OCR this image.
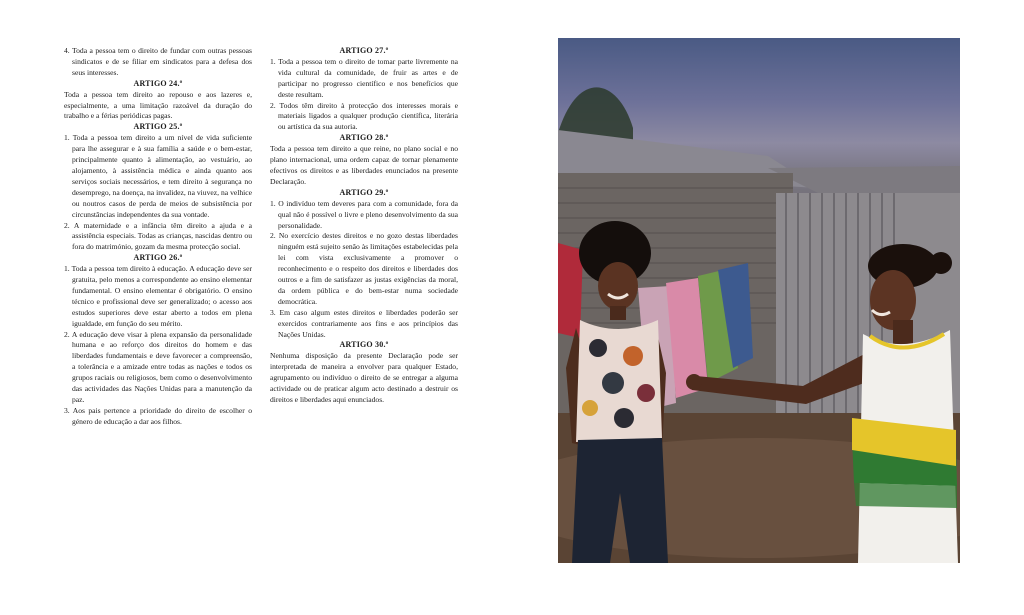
4. Toda a pessoa tem o direito de fundar com outras pessoas sindicatos e de se filiar em sindicatos para a defesa dos seus interesses.

ARTIGO 24.º

Toda a pessoa tem direito ao repouso e aos lazeres e, especialmente, a uma limitação razoável da duração do trabalho e a férias periódicas pagas.

ARTIGO 25.º

1. Toda a pessoa tem direito a um nível de vida suficiente para lhe assegurar e à sua família a saúde e o bem-estar, principalmente quanto à alimentação, ao vestuário, ao alojamento, à assistência médica e ainda quanto aos serviços sociais necessários, e tem direito à segurança no desemprego, na doença, na invalidez, na viuvez, na velhice ou noutros casos de perda de meios de subsistência por circunstâncias independentes da sua vontade.

2. A maternidade e a infância têm direito a ajuda e a assistência especiais. Todas as crianças, nascidas dentro ou fora do matrimónio, gozam da mesma protecção social.

ARTIGO 26.º

1. Toda a pessoa tem direito à educação. A educação deve ser gratuita, pelo menos a correspondente ao ensino elementar fundamental. O ensino elementar é obrigatório. O ensino técnico e profissional deve ser generalizado; o acesso aos estudos superiores deve estar aberto a todos em plena igualdade, em função do seu mérito.

2. A educação deve visar à plena expansão da personalidade humana e ao reforço dos direitos do homem e das liberdades fundamentais e deve favorecer a compreensão, a tolerância e a amizade entre todas as nações e todos os grupos raciais ou religiosos, bem como o desenvolvimento das actividades das Nações Unidas para a manutenção da paz.

3. Aos pais pertence a prioridade do direito de escolher o género de educação a dar aos filhos.

ARTIGO 27.º

1. Toda a pessoa tem o direito de tomar parte livremente na vida cultural da comunidade, de fruir as artes e de participar no progresso científico e nos benefícios que deste resultam.

2. Todos têm direito à protecção dos interesses morais e materiais ligados a qualquer produção científica, literária ou artística da sua autoria.

ARTIGO 28.º

Toda a pessoa tem direito a que reine, no plano social e no plano internacional, uma ordem capaz de tornar plenamente efectivos os direitos e as liberdades enunciados na presente Declaração.

ARTIGO 29.º

1. O indivíduo tem deveres para com a comunidade, fora da qual não é possível o livre e pleno desenvolvimento da sua personalidade.

2. No exercício destes direitos e no gozo destas liberdades ninguém está sujeito senão às limitações estabelecidas pela lei com vista exclusivamente a promover o reconhecimento e o respeito dos direitos e liberdades dos outros e a fim de satisfazer as justas exigências da moral, da ordem pública e do bem-estar numa sociedade democrática.

3. Em caso algum estes direitos e liberdades poderão ser exercidos contrariamente aos fins e aos princípios das Nações Unidas.

ARTIGO 30.º

Nenhuma disposição da presente Declaração pode ser interpretada de maneira a envolver para qualquer Estado, agrupamento ou indivíduo o direito de se entregar a alguma actividade ou de praticar algum acto destinado a destruir os direitos e liberdades aqui enunciados.
